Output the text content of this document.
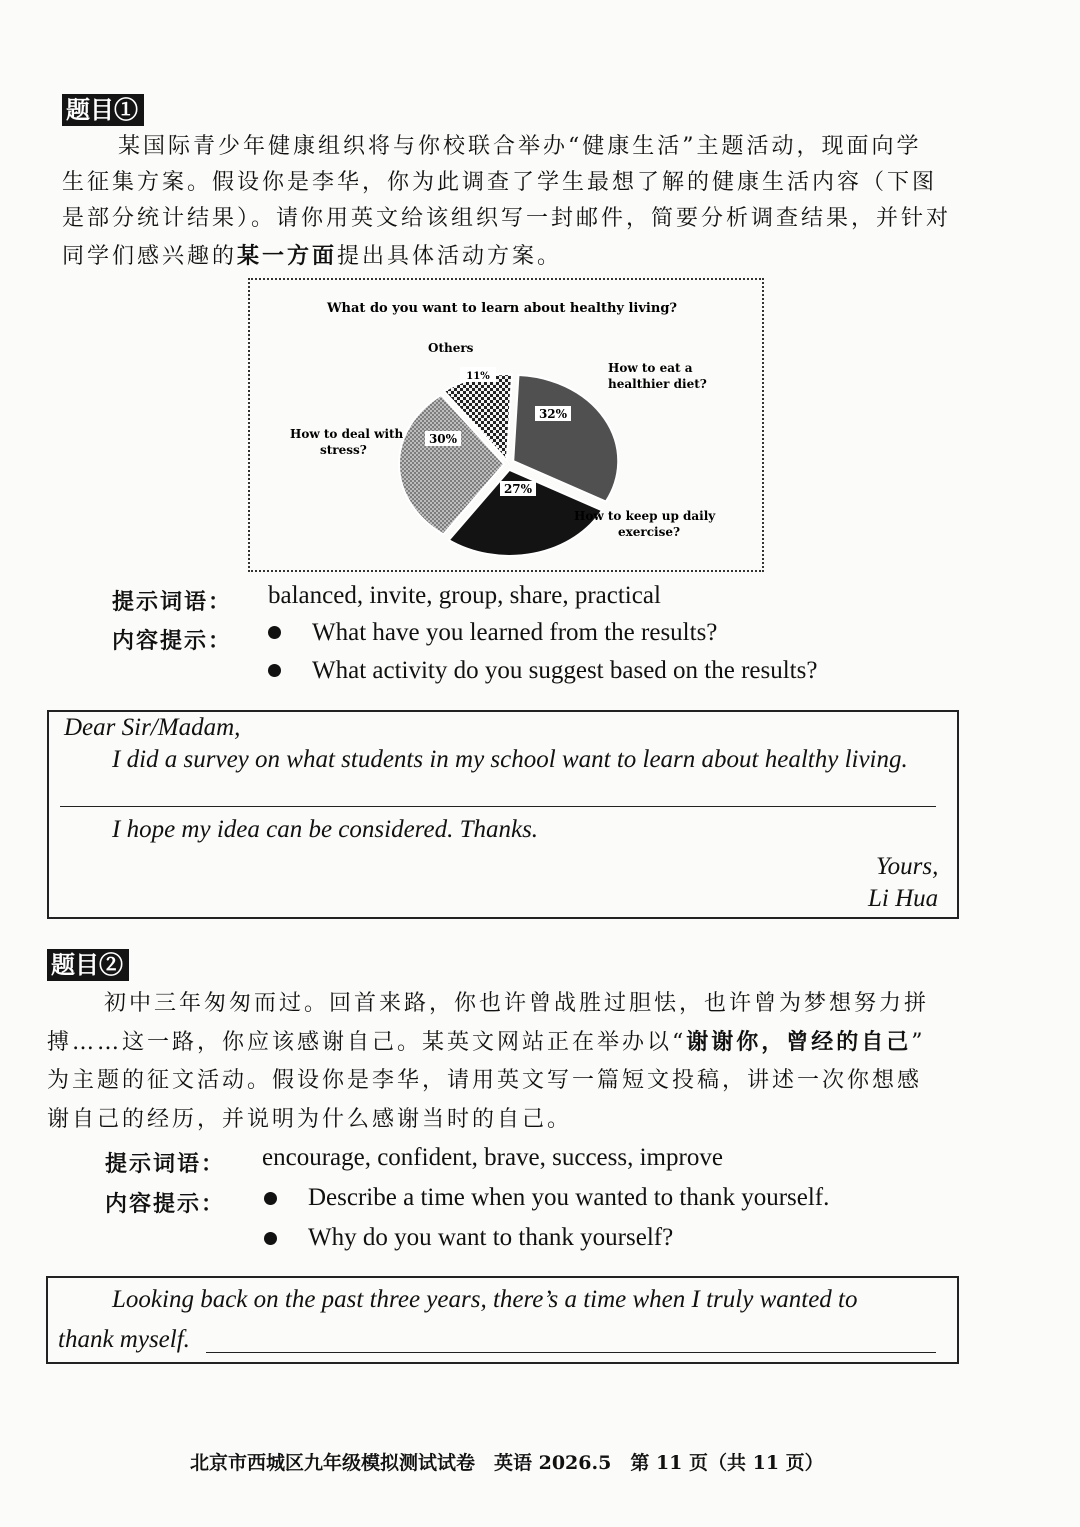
题目①
某国际青少年健康组织将与你校联合举办“健康生活”主题活动，现面向学
生征集方案。假设你是李华，你为此调查了学生最想了解的健康生活内容（下图
是部分统计结果）。请你用英文给该组织写一封邮件，简要分析调查结果，并针对
同学们感兴趣的某一方面提出具体活动方案。
What do you want to learn about healthy living?
32%
How to eat a healthier diet?
27%
How to keep up daily exercise?
30%
How to deal with stress?
11%
Others
提示词语： balanced, invite, group, share, practical
内容提示：	What have you learned from the results?
What activity do you suggest based on the results?
Dear Sir/Madam,
I did a survey on what students in my school want to learn about healthy living.
I hope my idea can be considered. Thanks.
Yours,
Li Hua
题目②
初中三年匆匆而过。回首来路，你也许曾战胜过胆怯，也许曾为梦想努力拼
搏……这一路，你应该感谢自己。某英文网站正在举办以“谢谢你，曾经的自己”
为主题的征文活动。假设你是李华，请用英文写一篇短文投稿，讲述一次你想感
谢自己的经历，并说明为什么感谢当时的自己。
提示词语： encourage, confident, brave, success, improve
内容提示：	Describe a time when you wanted to thank yourself.
Why do you want to thank yourself?
Looking back on the past three years, there’s a time when I truly wanted to
thank myself.
北京市西城区九年级模拟测试试卷　英语 2026.5　第 11 页（共 11 页）
